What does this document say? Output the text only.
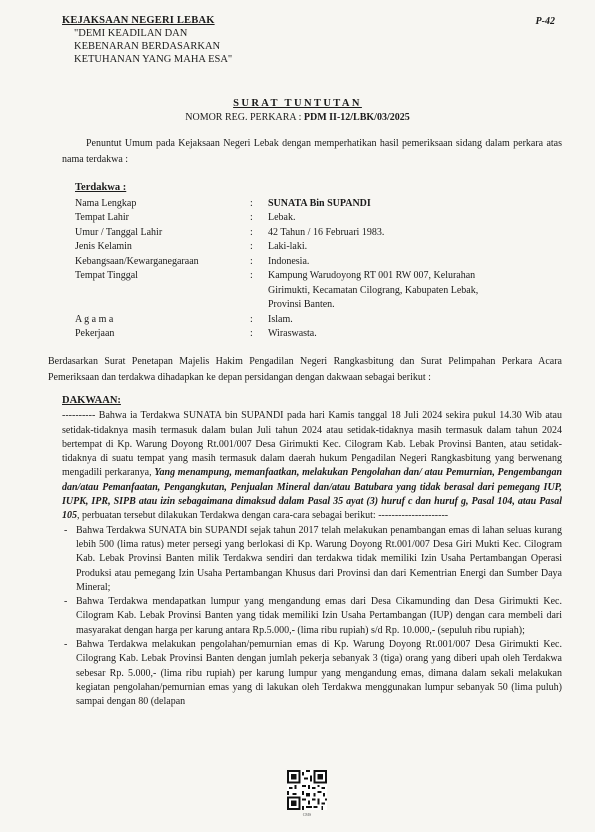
KEJAKSAAN NEGERI LEBAK
"DEMI KEADILAN DAN
KEBENARAN BERDASARKAN
KETUHANAN YANG MAHA ESA"
P-42
SURAT TUNTUTAN
NOMOR REG. PERKARA : PDM II-12/LBK/03/2025
Penuntut Umum pada Kejaksaan Negeri Lebak dengan memperhatikan hasil pemeriksaan sidang dalam perkara atas nama terdakwa :
Terdakwa :
Nama Lengkap	:	SUNATA Bin SUPANDI
Tempat Lahir	:	Lebak.
Umur / Tanggal Lahir	:	42 Tahun / 16 Februari 1983.
Jenis Kelamin	:	Laki-laki.
Kebangsaan/Kewarganegaraan	:	Indonesia.
Tempat Tinggal	:	Kampung Warudoyong RT 001 RW 007, Kelurahan Girimukti, Kecamatan Cilograng, Kabupaten Lebak, Provinsi Banten.
A g a m a	:	Islam.
Pekerjaan	:	Wiraswasta.
Berdasarkan Surat Penetapan Majelis Hakim Pengadilan Negeri Rangkasbitung dan Surat Pelimpahan Perkara Acara Pemeriksaan dan terdakwa dihadapkan ke depan persidangan dengan dakwaan sebagai berikut :
DAKWAAN:

---------- Bahwa ia Terdakwa SUNATA bin SUPANDI pada hari Kamis tanggal 18 Juli 2024 sekira pukul 14.30 Wib atau setidak-tidaknya masih termasuk dalam bulan Juli tahun 2024 atau setidak-tidaknya masih termasuk dalam tahun 2024 bertempat di Kp. Warung Doyong Rt.001/007 Desa Girimukti Kec. Cilogram Kab. Lebak Provinsi Banten, atau setidak-tidaknya di suatu tempat yang masih termasuk dalam daerah hukum Pengadilan Negeri Rangkasbitung yang berwenang mengadili perkaranya, Yang menampung, memanfaatkan, melakukan Pengolahan dan/ atau Pemurnian, Pengembangan dan/atau Pemanfaatan, Pengangkutan, Penjualan Mineral dan/atau Batubara yang tidak berasal dari pemegang IUP, IUPK, IPR, SIPB atau izin sebagaimana dimaksud dalam Pasal 35 ayat (3) huruf c dan huruf g, Pasal 104, atau Pasal 105, perbuatan tersebut dilakukan Terdakwa dengan cara-cara sebagai berikut: ---------------------

- Bahwa Terdakwa SUNATA bin SUPANDI sejak tahun 2017 telah melakukan penambangan emas di lahan seluas kurang lebih 500 (lima ratus) meter persegi yang berlokasi di Kp. Warung Doyong Rt.001/007 Desa Giri Mukti Kec. Cilogram Kab. Lebak Provinsi Banten milik Terdakwa sendiri dan terdakwa tidak memiliki Izin Usaha Pertambangan Operasi Produksi atau pemegang Izin Usaha Pertambangan Khusus dari Provinsi dan dari Kementrian Energi dan Sumber Daya Mineral;
- Bahwa Terdakwa mendapatkan lumpur yang mengandung emas dari Desa Cikamunding dan Desa Girimukti Kec. Cilogram Kab. Lebak Provinsi Banten yang tidak memiliki Izin Usaha Pertambangan (IUP) dengan cara membeli dari masyarakat dengan harga per karung antara Rp.5.000,- (lima ribu rupiah) s/d Rp. 10.000,- (sepuluh ribu rupiah);
- Bahwa Terdakwa melakukan pengolahan/pemurnian emas di Kp. Warung Doyong Rt.001/007 Desa Girimukti Kec. Cilograng Kab. Lebak Provinsi Banten dengan jumlah pekerja sebanyak 3 (tiga) orang yang diberi upah oleh Terdakwa sebesar Rp. 5.000,- (lima ribu rupiah) per karung lumpur yang mengandung emas, dimana dalam sekali melakukan kegiatan pengolahan/pemurnian emas yang di lakukan oleh Terdakwa menggunakan lumpur sebanyak 50 (lima puluh) sampai dengan 80 (delapan
CMS
